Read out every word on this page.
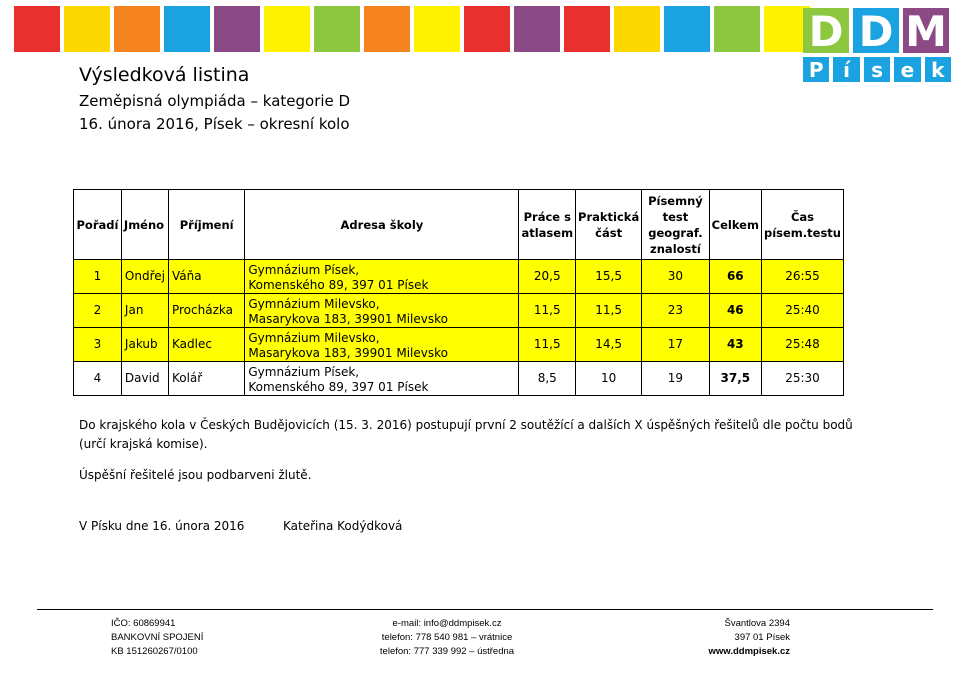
D D M
P í	s e k
Výsledková listina
Zeměpisná olympiáda – kategorie D
16. února 2016, Písek – okresní kolo
Pořadí	Jméno	Příjmení	Adresa školy	Práce s atlasem	Praktická část	Písemný test geograf. znalostí	Celkem	Čas písem.testu
1	Ondřej	Váňa	Gymnázium Písek,
Komenského 89, 397 01 Písek	20,5	15,5	30	66	26:55
2	Jan	Procházka	Gymnázium Milevsko,
Masarykova 183, 39901 Milevsko	11,5	11,5	23	46	25:40
3	Jakub	Kadlec	Gymnázium Milevsko,
Masarykova 183, 39901 Milevsko	11,5	14,5	17	43	25:48
4	David	Kolář	Gymnázium Písek,
Komenského 89, 397 01 Písek	8,5	10	19	37,5	25:30
Do krajského kola v Českých Budějovicích (15. 3. 2016) postupují první 2 soutěžící a dalších X úspěšných řešitelů dle počtu bodů (určí krajská komise).
Úspěšní řešitelé jsou podbarveni žlutě.
V Písku dne 16. února 2016	Kateřina Kodýdková
IČO: 60869941
BANKOVNÍ SPOJENÍ
KB 151260267/0100
e-mail: info@ddmpisek.cz
telefon: 778 540 981 – vrátnice
telefon: 777 339 992 – ústředna
Švantlova 2394
397 01 Písek
www.ddmpisek.cz
